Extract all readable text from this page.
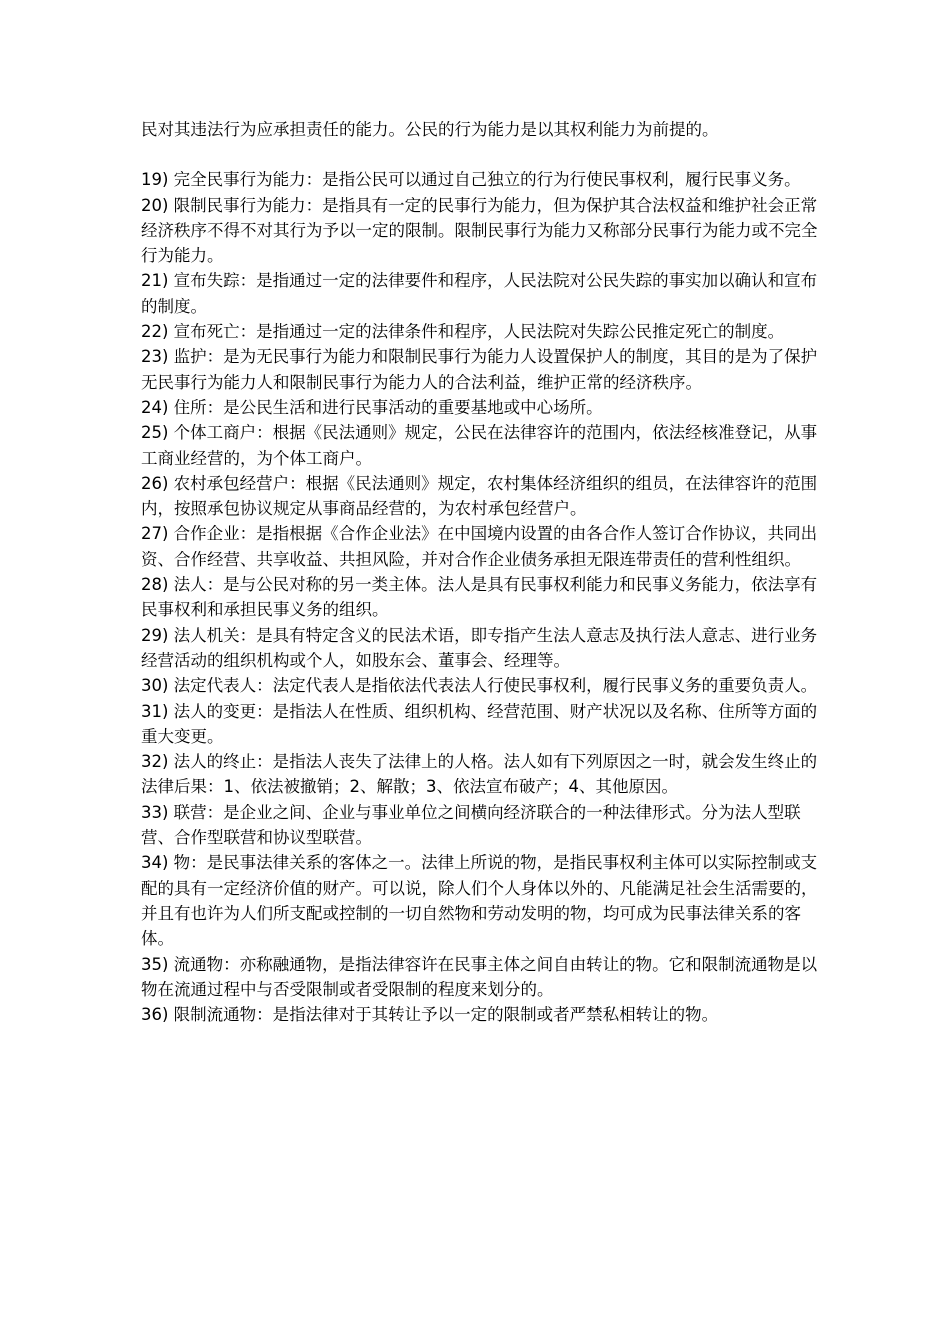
民对其违法行为应承担责任的能力。公民的行为能力是以其权利能力为前提的。

19) 完全民事行为能力：是指公民可以通过自己独立的行为行使民事权利，履行民事义务。

20) 限制民事行为能力：是指具有一定的民事行为能力，但为保护其合法权益和维护社会正常经济秩序不得不对其行为予以一定的限制。限制民事行为能力又称部分民事行为能力或不完全行为能力。

21) 宣布失踪：是指通过一定的法律要件和程序，人民法院对公民失踪的事实加以确认和宣布的制度。

22) 宣布死亡：是指通过一定的法律条件和程序，人民法院对失踪公民推定死亡的制度。

23) 监护：是为无民事行为能力和限制民事行为能力人设置保护人的制度，其目的是为了保护无民事行为能力人和限制民事行为能力人的合法利益，维护正常的经济秩序。

24) 住所：是公民生活和进行民事活动的重要基地或中心场所。

25) 个体工商户：根据《民法通则》规定，公民在法律容许的范围内，依法经核准登记，从事工商业经营的，为个体工商户。

26) 农村承包经营户：根据《民法通则》规定，农村集体经济组织的组员，在法律容许的范围内，按照承包协议规定从事商品经营的，为农村承包经营户。

27) 合作企业：是指根据《合作企业法》在中国境内设置的由各合作人签订合作协议，共同出资、合作经营、共享收益、共担风险，并对合作企业债务承担无限连带责任的营利性组织。

28) 法人：是与公民对称的另一类主体。法人是具有民事权利能力和民事义务能力，依法享有民事权利和承担民事义务的组织。

29) 法人机关：是具有特定含义的民法术语，即专指产生法人意志及执行法人意志、进行业务经营活动的组织机构或个人，如股东会、董事会、经理等。

30) 法定代表人：法定代表人是指依法代表法人行使民事权利，履行民事义务的重要负责人。

31) 法人的变更：是指法人在性质、组织机构、经营范围、财产状况以及名称、住所等方面的重大变更。

32) 法人的终止：是指法人丧失了法律上的人格。法人如有下列原因之一时，就会发生终止的法律后果：1、依法被撤销；2、解散；3、依法宣布破产；4、其他原因。

33) 联营：是企业之间、企业与事业单位之间横向经济联合的一种法律形式。分为法人型联营、合作型联营和协议型联营。

34) 物：是民事法律关系的客体之一。法律上所说的物，是指民事权利主体可以实际控制或支配的具有一定经济价值的财产。可以说，除人们个人身体以外的、凡能满足社会生活需要的，并且有也许为人们所支配或控制的一切自然物和劳动发明的物，均可成为民事法律关系的客体。

35) 流通物：亦称融通物，是指法律容许在民事主体之间自由转让的物。它和限制流通物是以物在流通过程中与否受限制或者受限制的程度来划分的。

36) 限制流通物：是指法律对于其转让予以一定的限制或者严禁私相转让的物。
